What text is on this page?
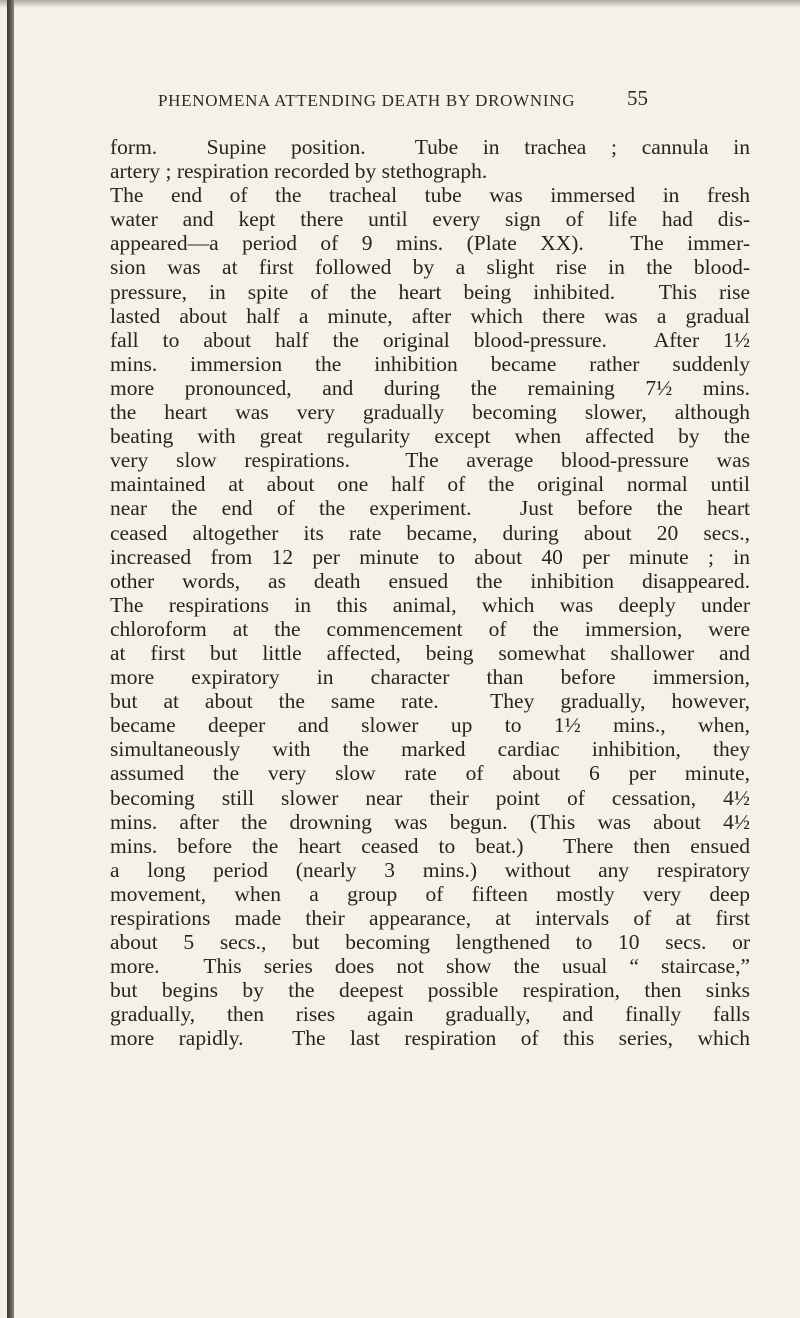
PHENOMENA ATTENDING DEATH BY DROWNING	55
form.  Supine position.  Tube in trachea ; cannula in
artery ; respiration recorded by stethograph.
The end of the tracheal tube was immersed in fresh
water and kept there until every sign of life had dis-
appeared—a period of 9 mins. (Plate XX).  The immer-
sion was at first followed by a slight rise in the blood-
pressure, in spite of the heart being inhibited.  This rise
lasted about half a minute, after which there was a gradual
fall to about half the original blood-pressure.  After 1½
mins. immersion the inhibition became rather suddenly
more pronounced, and during the remaining 7½ mins.
the heart was very gradually becoming slower, although
beating with great regularity except when affected by the
very slow respirations.  The average blood-pressure was
maintained at about one half of the original normal until
near the end of the experiment.  Just before the heart
ceased altogether its rate became, during about 20 secs.,
increased from 12 per minute to about 40 per minute ; in
other words, as death ensued the inhibition disappeared.
The respirations in this animal, which was deeply under
chloroform at the commencement of the immersion, were
at first but little affected, being somewhat shallower and
more expiratory in character than before immersion,
but at about the same rate.  They gradually, however,
became deeper and slower up to 1½ mins., when,
simultaneously with the marked cardiac inhibition, they
assumed the very slow rate of about 6 per minute,
becoming still slower near their point of cessation, 4½
mins. after the drowning was begun. (This was about 4½
mins. before the heart ceased to beat.)  There then ensued
a long period (nearly 3 mins.) without any respiratory
movement, when a group of fifteen mostly very deep
respirations made their appearance, at intervals of at first
about 5 secs., but becoming lengthened to 10 secs. or
more.  This series does not show the usual “ staircase,”
but begins by the deepest possible respiration, then sinks
gradually, then rises again gradually, and finally falls
more rapidly.  The last respiration of this series, which
